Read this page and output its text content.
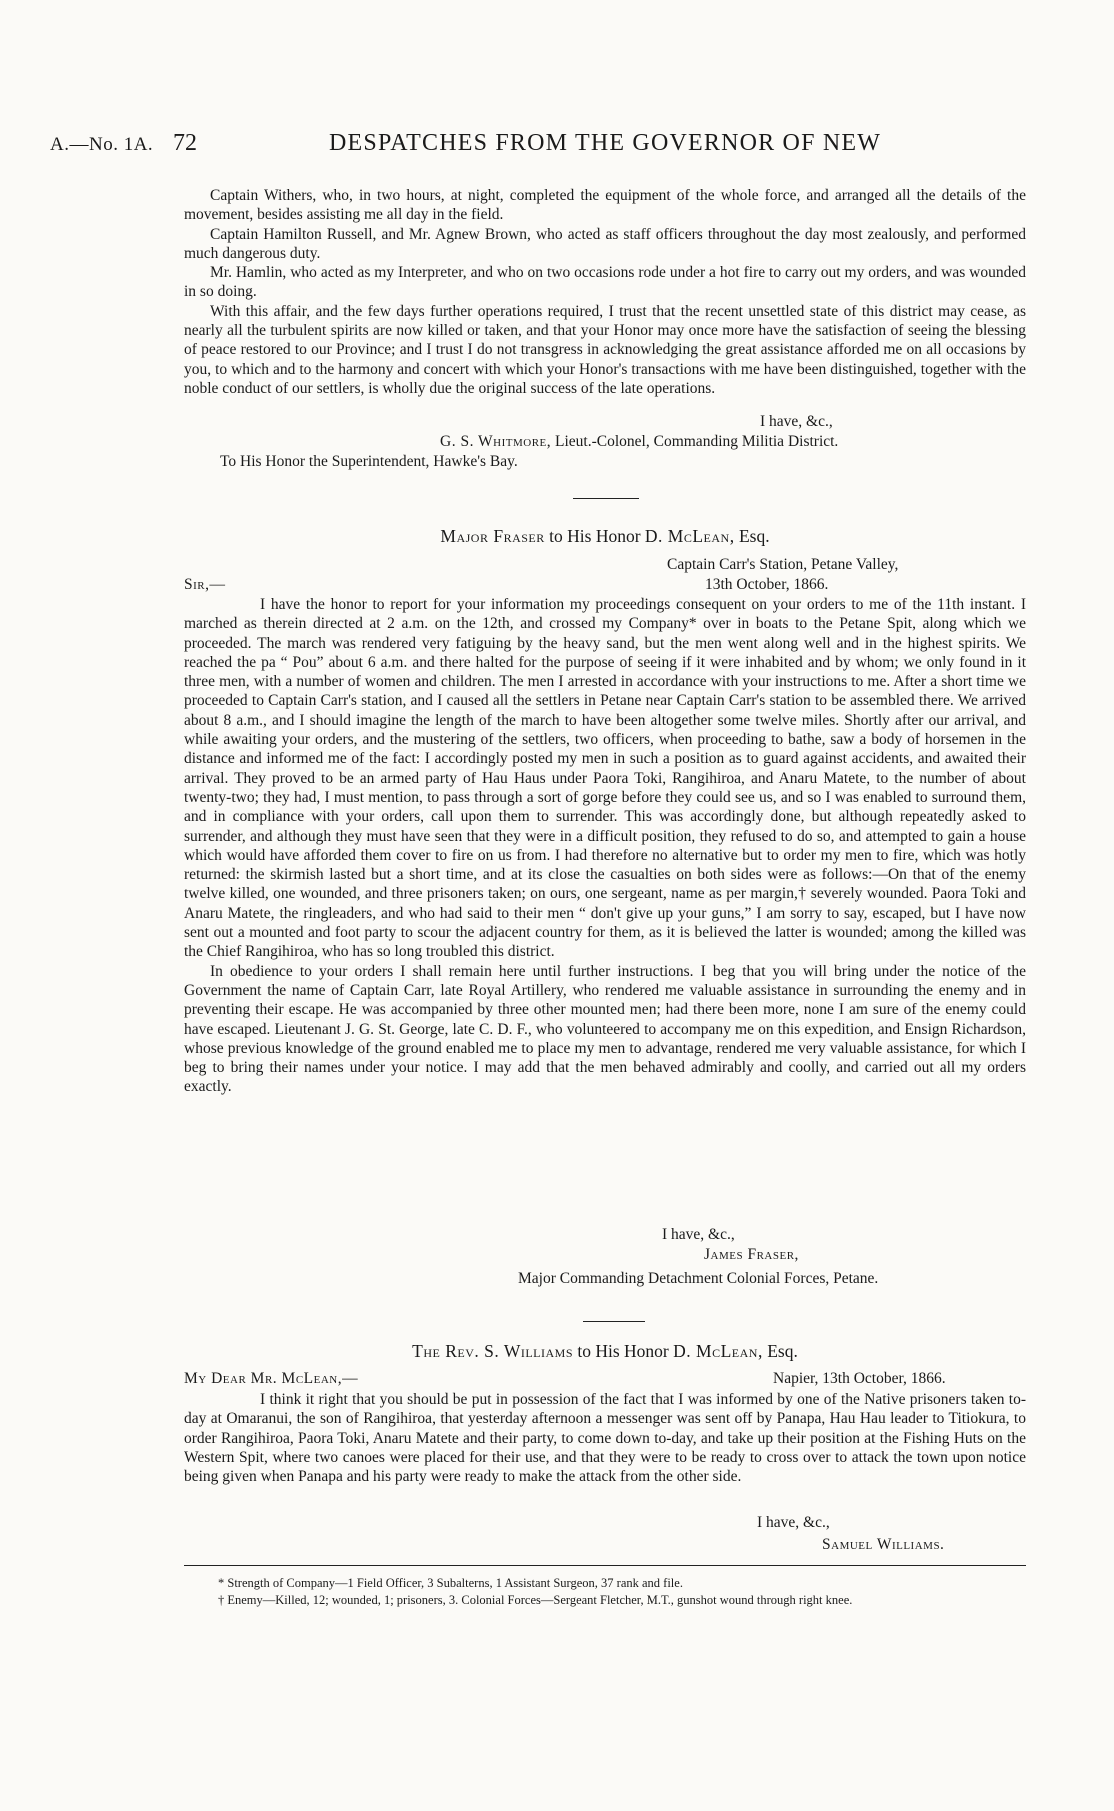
A.—No. 1A. 72	DESPATCHES FROM THE GOVERNOR OF NEW

Captain Withers, who, in two hours, at night, completed the equipment of the whole force, and arranged all the details of the movement, besides assisting me all day in the field.

Captain Hamilton Russell, and Mr. Agnew Brown, who acted as staff officers throughout the day most zealously, and performed much dangerous duty.

Mr. Hamlin, who acted as my Interpreter, and who on two occasions rode under a hot fire to carry out my orders, and was wounded in so doing.

With this affair, and the few days further operations required, I trust that the recent unsettled state of this district may cease, as nearly all the turbulent spirits are now killed or taken, and that your Honor may once more have the satisfaction of seeing the blessing of peace restored to our Province; and I trust I do not transgress in acknowledging the great assistance afforded me on all occasions by you, to which and to the harmony and concert with which your Honor's transactions with me have been distinguished, together with the noble conduct of our settlers, is wholly due the original success of the late operations.

I have, &c.,
G. S. Whitmore, Lieut.-Colonel, Commanding Militia District.
To His Honor the Superintendent, Hawke's Bay.
Major Fraser to His Honor D. McLean, Esq.
Captain Carr's Station, Petane Valley,
Sir,—	13th October, 1866.

I have the honor to report for your information my proceedings consequent on your orders to me of the 11th instant. I marched as therein directed at 2 a.m. on the 12th, and crossed my Company* over in boats to the Petane Spit, along which we proceeded. The march was rendered very fatiguing by the heavy sand, but the men went along well and in the highest spirits. We reached the pa “ Pou” about 6 a.m. and there halted for the purpose of seeing if it were inhabited and by whom; we only found in it three men, with a number of women and children. The men I arrested in accordance with your instructions to me. After a short time we proceeded to Captain Carr's station, and I caused all the settlers in Petane near Captain Carr's station to be assembled there. We arrived about 8 a.m., and I should imagine the length of the march to have been altogether some twelve miles. Shortly after our arrival, and while awaiting your orders, and the mustering of the settlers, two officers, when proceeding to bathe, saw a body of horsemen in the distance and informed me of the fact: I accordingly posted my men in such a position as to guard against accidents, and awaited their arrival. They proved to be an armed party of Hau Haus under Paora Toki, Rangihiroa, and Anaru Matete, to the number of about twenty-two; they had, I must mention, to pass through a sort of gorge before they could see us, and so I was enabled to surround them, and in compliance with your orders, call upon them to surrender. This was accordingly done, but although repeatedly asked to surrender, and although they must have seen that they were in a difficult position, they refused to do so, and attempted to gain a house which would have afforded them cover to fire on us from. I had therefore no alternative but to order my men to fire, which was hotly returned: the skirmish lasted but a short time, and at its close the casualties on both sides were as follows:—On that of the enemy twelve killed, one wounded, and three prisoners taken; on ours, one sergeant, name as per margin,† severely wounded. Paora Toki and Anaru Matete, the ringleaders, and who had said to their men “ don't give up your guns,” I am sorry to say, escaped, but I have now sent out a mounted and foot party to scour the adjacent country for them, as it is believed the latter is wounded; among the killed was the Chief Rangihiroa, who has so long troubled this district.

In obedience to your orders I shall remain here until further instructions. I beg that you will bring under the notice of the Government the name of Captain Carr, late Royal Artillery, who rendered me valuable assistance in surrounding the enemy and in preventing their escape. He was accompanied by three other mounted men; had there been more, none I am sure of the enemy could have escaped. Lieutenant J. G. St. George, late C. D. F., who volunteered to accompany me on this expedition, and Ensign Richardson, whose previous knowledge of the ground enabled me to place my men to advantage, rendered me very valuable assistance, for which I beg to bring their names under your notice. I may add that the men behaved admirably and coolly, and carried out all my orders exactly.

I have, &c.,
James Fraser,
Major Commanding Detachment Colonial Forces, Petane.
The Rev. S. Williams to His Honor D. McLean, Esq.
My Dear Mr. McLean,—	Napier, 13th October, 1866.

I think it right that you should be put in possession of the fact that I was informed by one of the Native prisoners taken to-day at Omaranui, the son of Rangihiroa, that yesterday afternoon a messenger was sent off by Panapa, Hau Hau leader to Titiokura, to order Rangihiroa, Paora Toki, Anaru Matete and their party, to come down to-day, and take up their position at the Fishing Huts on the Western Spit, where two canoes were placed for their use, and that they were to be ready to cross over to attack the town upon notice being given when Panapa and his party were ready to make the attack from the other side.

I have, &c.,
Samuel Williams.

* Strength of Company—1 Field Officer, 3 Subalterns, 1 Assistant Surgeon, 37 rank and file.

† Enemy—Killed, 12; wounded, 1; prisoners, 3. Colonial Forces—Sergeant Fletcher, M.T., gunshot wound through right knee.
